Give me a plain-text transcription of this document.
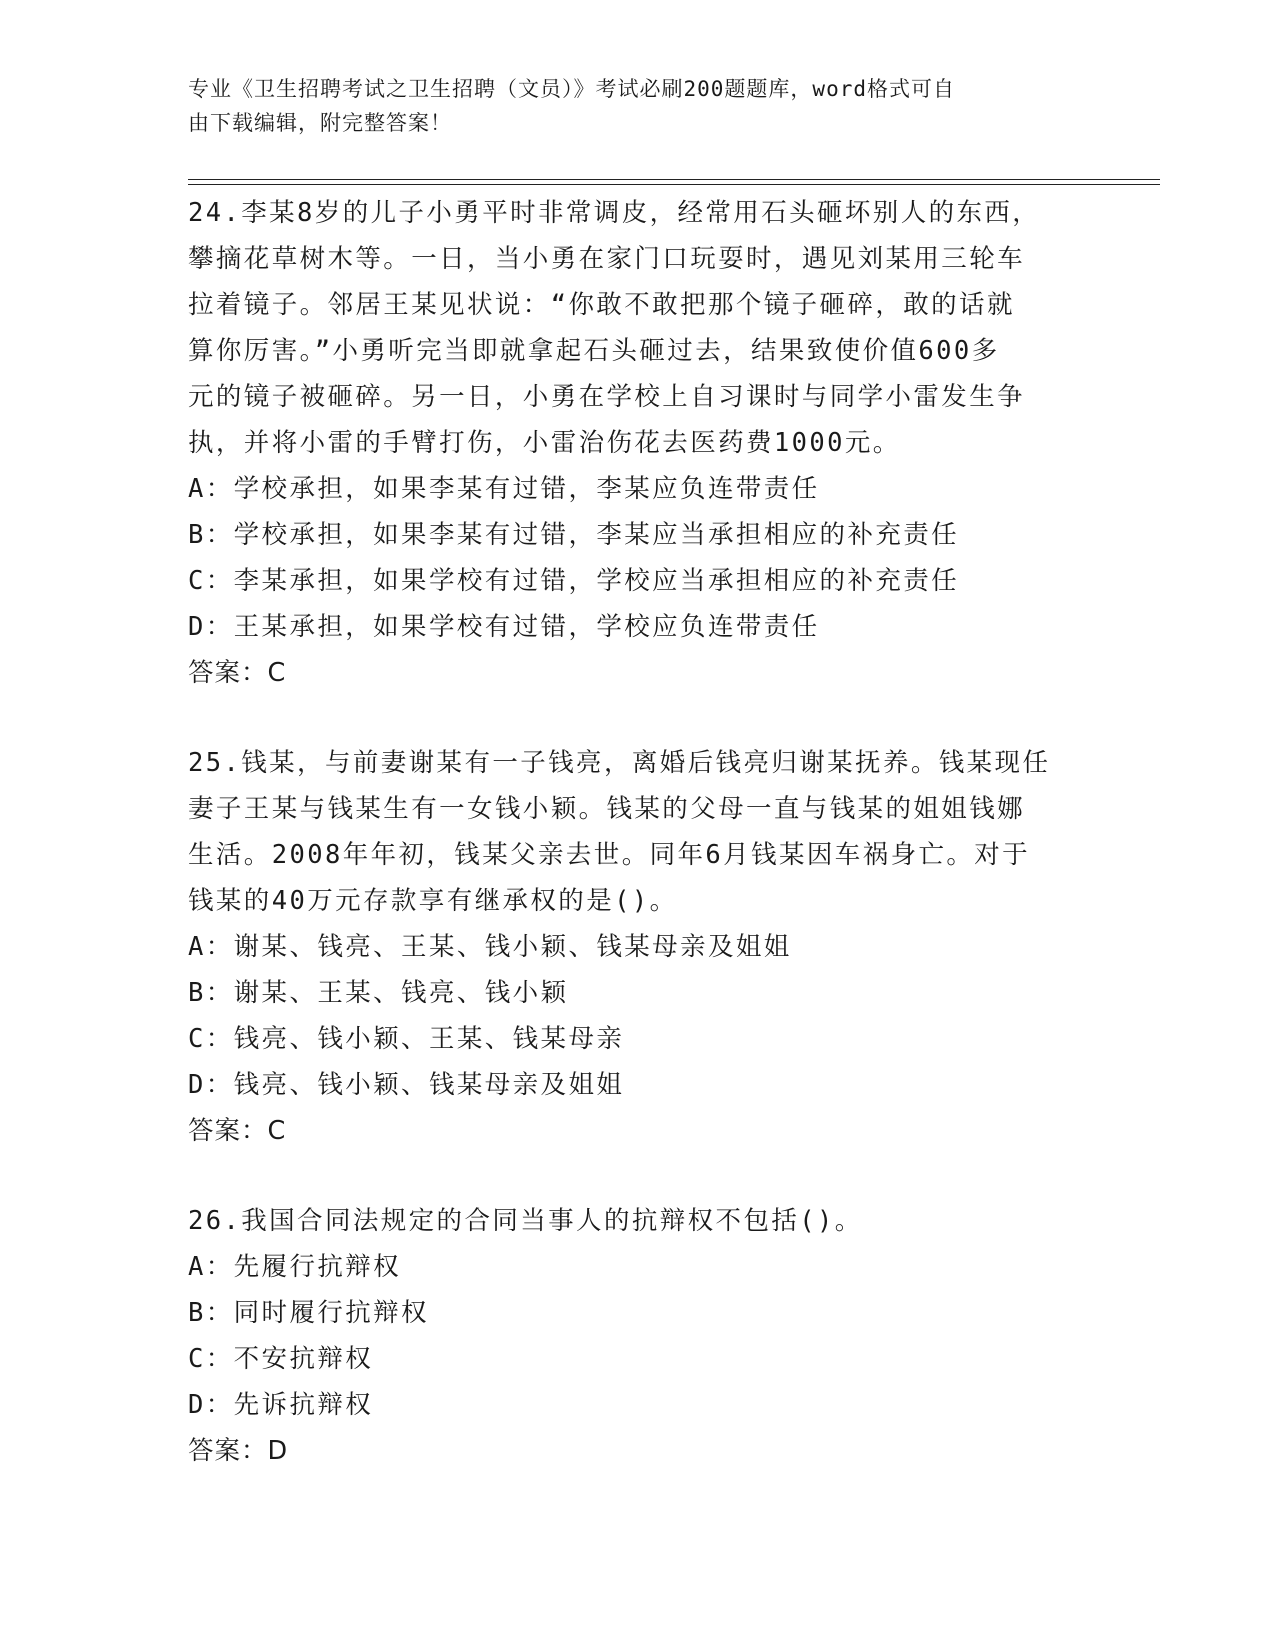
专业《卫生招聘考试之卫生招聘（文员）》考试必刷200题题库，word格式可自
由下载编辑，附完整答案！
24.李某8岁的儿子小勇平时非常调皮，经常用石头砸坏别人的东西，
攀摘花草树木等。一日，当小勇在家门口玩耍时，遇见刘某用三轮车
拉着镜子。邻居王某见状说：“你敢不敢把那个镜子砸碎，敢的话就
算你厉害。”小勇听完当即就拿起石头砸过去，结果致使价值600多
元的镜子被砸碎。另一日，小勇在学校上自习课时与同学小雷发生争
执，并将小雷的手臂打伤，小雷治伤花去医药费1000元。
A：学校承担，如果李某有过错，李某应负连带责任
B：学校承担，如果李某有过错，李某应当承担相应的补充责任
C：李某承担，如果学校有过错，学校应当承担相应的补充责任
D：王某承担，如果学校有过错，学校应负连带责任
答案：C
25.钱某，与前妻谢某有一子钱亮，离婚后钱亮归谢某抚养。钱某现任
妻子王某与钱某生有一女钱小颖。钱某的父母一直与钱某的姐姐钱娜
生活。2008年年初，钱某父亲去世。同年6月钱某因车祸身亡。对于
钱某的40万元存款享有继承权的是()。
A：谢某、钱亮、王某、钱小颖、钱某母亲及姐姐
B：谢某、王某、钱亮、钱小颖
C：钱亮、钱小颖、王某、钱某母亲
D：钱亮、钱小颖、钱某母亲及姐姐
答案：C
26.我国合同法规定的合同当事人的抗辩权不包括()。
A：先履行抗辩权
B：同时履行抗辩权
C：不安抗辩权
D：先诉抗辩权
答案：D
